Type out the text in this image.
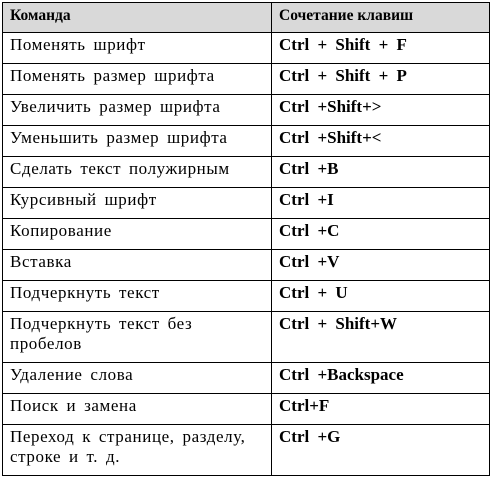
Команда	Сочетание клавиш
Поменять шрифт	Ctrl + Shift + F
Поменять размер шрифта	Ctrl + Shift + P
Увеличить размер шрифта	Ctrl +Shift+>
Уменьшить размер шрифта	Ctrl +Shift+<
Сделать текст полужирным	Ctrl +B
Курсивный шрифт	Ctrl +I
Копирование	Ctrl +C
Вставка	Ctrl +V
Подчеркнуть текст	Ctrl + U
Подчеркнуть текст без пробелов	Ctrl + Shift+W
Удаление слова	Ctrl +Backspace
Поиск и замена	Ctrl+F
Переход к странице, разделу, строке и т. д.	Ctrl +G
